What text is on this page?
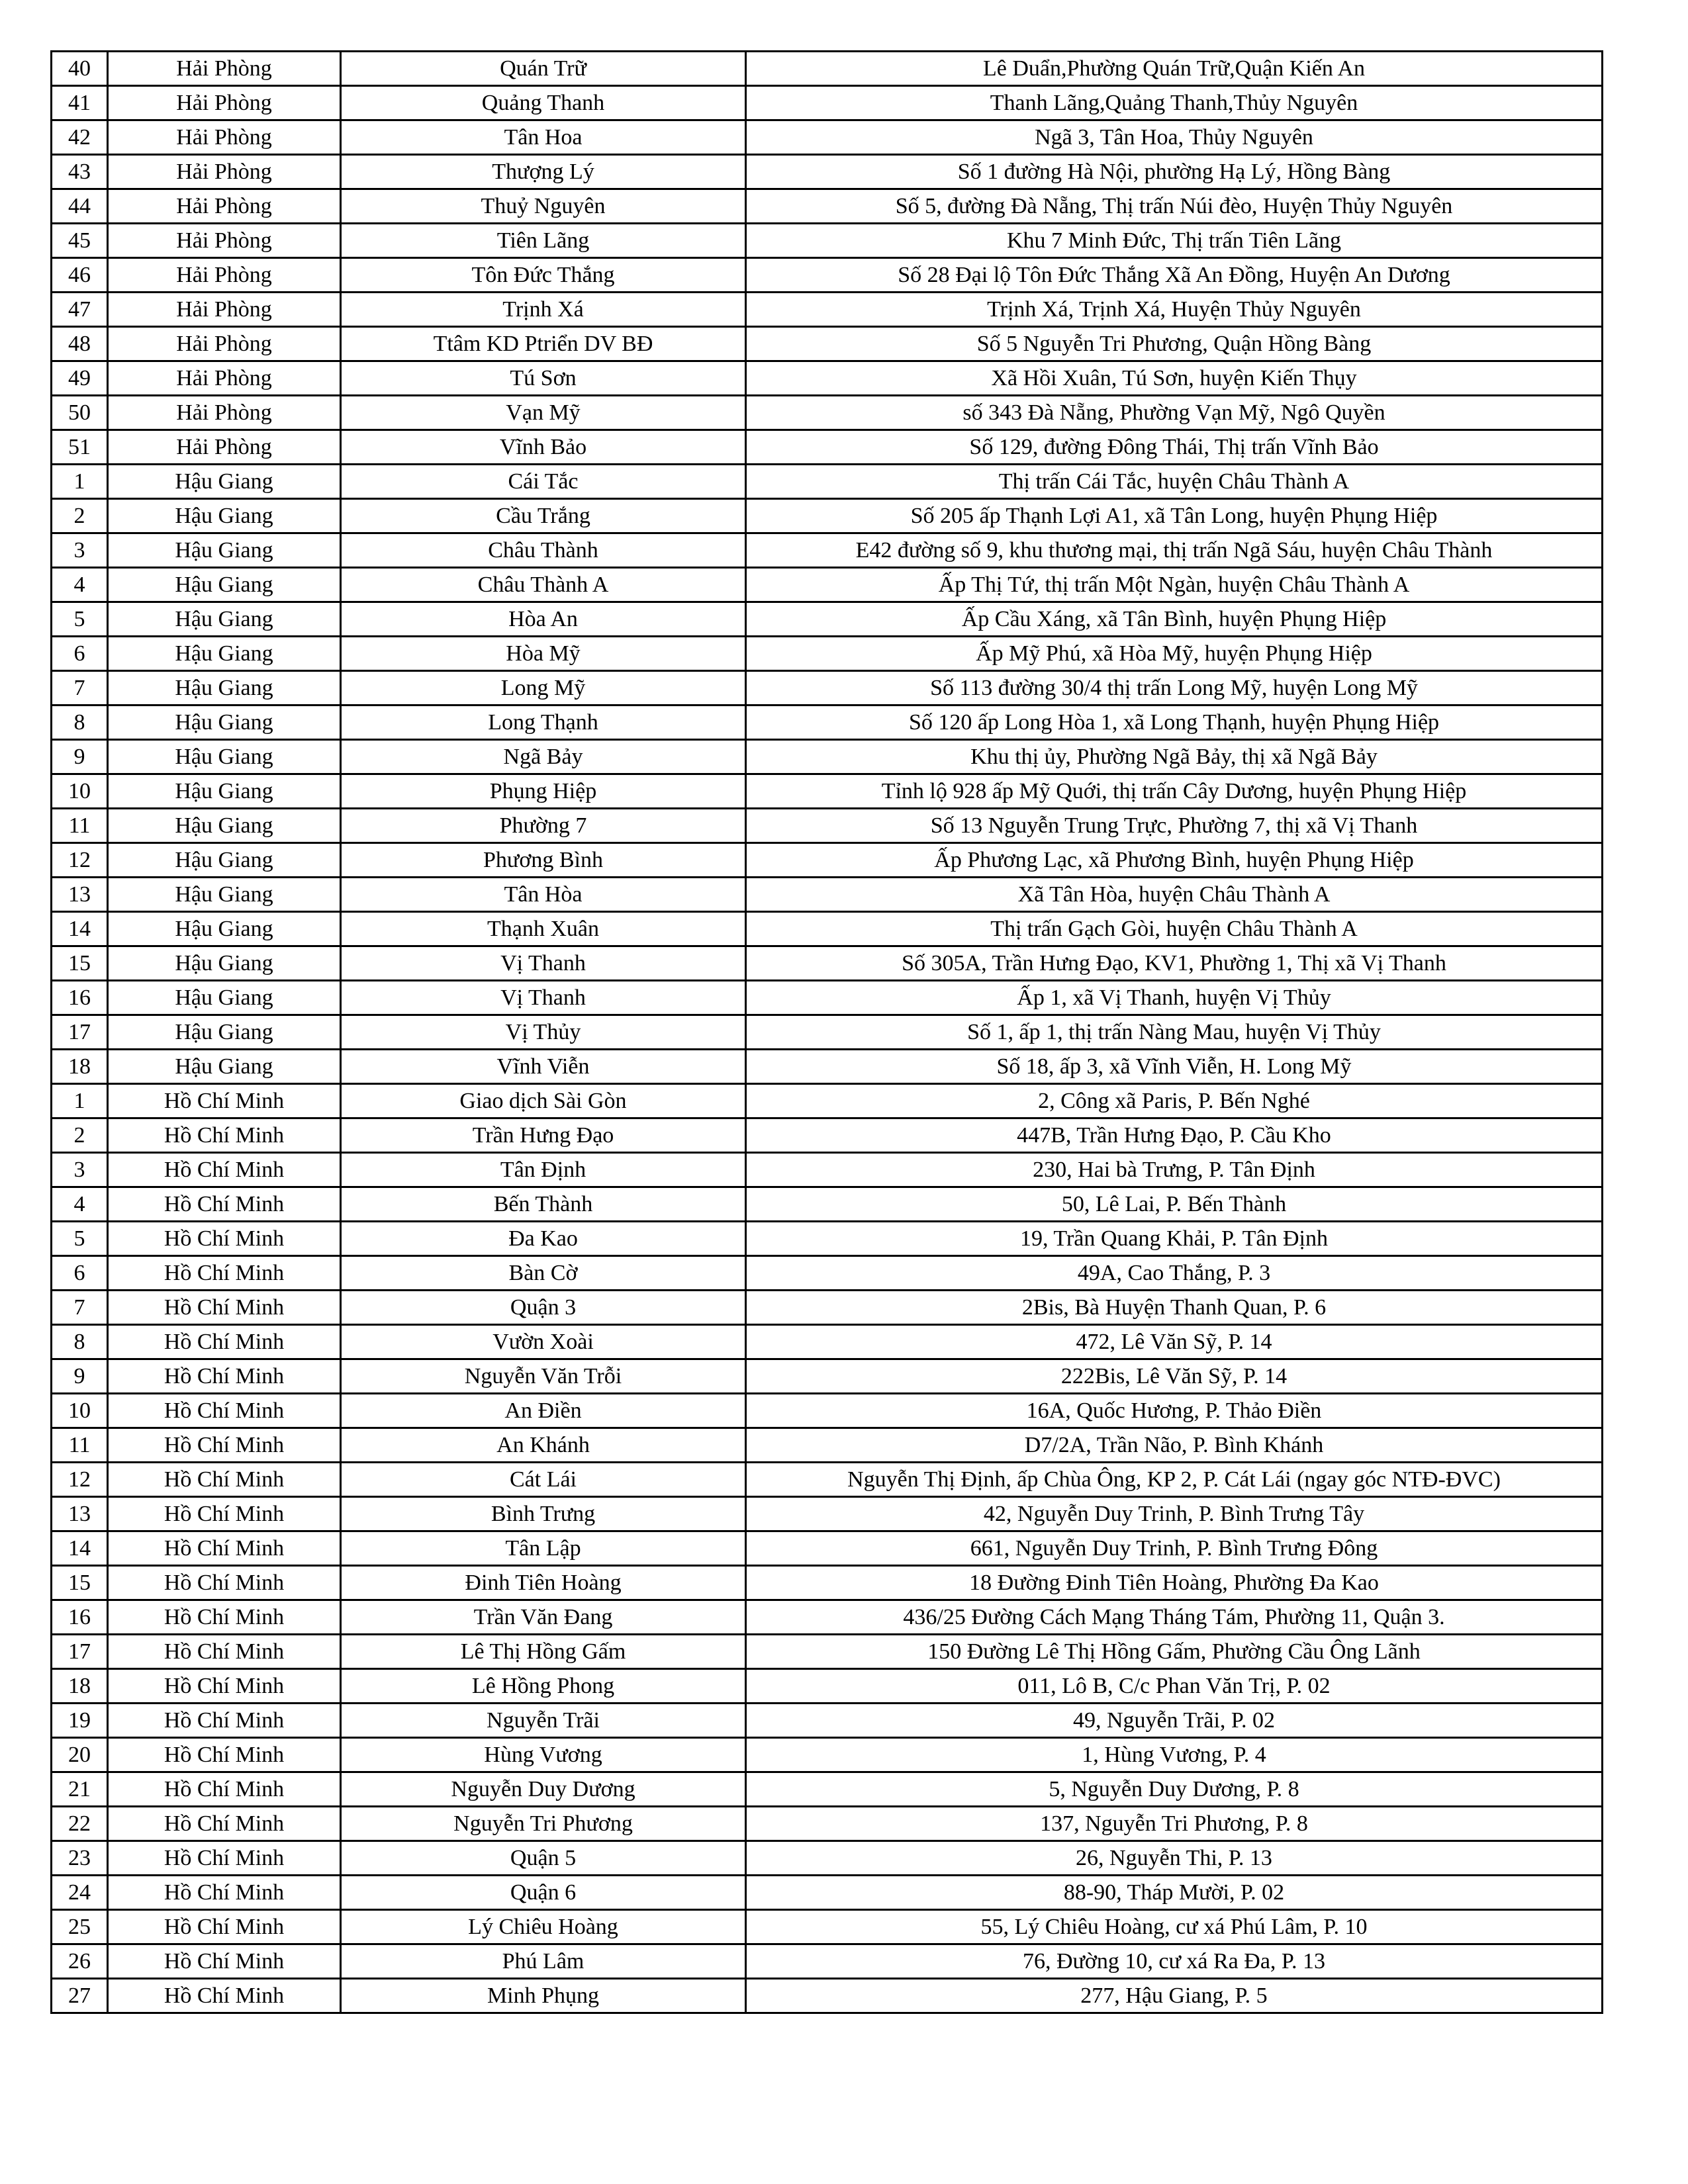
40	Hải Phòng	Quán Trữ	Lê Duẩn,Phường Quán Trữ,Quận Kiến An
41	Hải Phòng	Quảng Thanh	Thanh Lãng,Quảng Thanh,Thủy Nguyên
42	Hải Phòng	Tân Hoa	Ngã 3, Tân Hoa, Thủy Nguyên
43	Hải Phòng	Thượng Lý	Số 1 đường Hà Nội, phường Hạ Lý, Hồng Bàng
44	Hải Phòng	Thuỷ Nguyên	Số 5, đường Đà Nẵng, Thị trấn Núi đèo, Huyện Thủy Nguyên
45	Hải Phòng	Tiên Lãng	Khu 7 Minh Đức, Thị trấn Tiên Lãng
46	Hải Phòng	Tôn Đức Thắng	Số 28 Đại lộ Tôn Đức Thắng Xã An Đồng, Huyện An Dương
47	Hải Phòng	Trịnh Xá	Trịnh Xá, Trịnh Xá, Huyện Thủy Nguyên
48	Hải Phòng	Ttâm KD Ptriển DV BĐ	Số 5 Nguyễn Tri Phương, Quận Hồng Bàng
49	Hải Phòng	Tú Sơn	Xã Hồi Xuân, Tú Sơn, huyện Kiến Thụy
50	Hải Phòng	Vạn Mỹ	số 343 Đà Nẵng, Phường Vạn Mỹ, Ngô Quyền
51	Hải Phòng	Vĩnh Bảo	Số 129, đường Đông Thái, Thị trấn Vĩnh Bảo
1	Hậu Giang	Cái Tắc	Thị trấn Cái Tắc, huyện Châu Thành A
2	Hậu Giang	Cầu Trắng	Số 205 ấp Thạnh Lợi A1, xã Tân Long, huyện Phụng Hiệp
3	Hậu Giang	Châu Thành	E42 đường số 9, khu thương mại, thị trấn Ngã Sáu, huyện Châu Thành
4	Hậu Giang	Châu Thành A	Ấp Thị Tứ, thị trấn Một Ngàn, huyện Châu Thành A
5	Hậu Giang	Hòa An	Ấp Cầu Xáng, xã Tân Bình, huyện Phụng Hiệp
6	Hậu Giang	Hòa Mỹ	Ấp Mỹ Phú, xã Hòa Mỹ, huyện Phụng Hiệp
7	Hậu Giang	Long Mỹ	Số 113 đường 30/4 thị trấn Long Mỹ, huyện Long Mỹ
8	Hậu Giang	Long Thạnh	Số 120 ấp Long Hòa 1, xã Long Thạnh, huyện Phụng Hiệp
9	Hậu Giang	Ngã Bảy	Khu thị ủy, Phường Ngã Bảy, thị xã Ngã Bảy
10	Hậu Giang	Phụng Hiệp	Tỉnh lộ 928 ấp Mỹ Quới, thị trấn Cây Dương, huyện Phụng Hiệp
11	Hậu Giang	Phường 7	Số 13 Nguyễn Trung Trực, Phường 7, thị xã Vị Thanh
12	Hậu Giang	Phương Bình	Ấp Phương Lạc, xã Phương Bình, huyện Phụng Hiệp
13	Hậu Giang	Tân Hòa	Xã Tân Hòa, huyện Châu Thành A
14	Hậu Giang	Thạnh Xuân	Thị trấn Gạch Gòi, huyện Châu Thành A
15	Hậu Giang	Vị Thanh	Số 305A, Trần Hưng Đạo, KV1, Phường 1, Thị xã Vị Thanh
16	Hậu Giang	Vị Thanh	Ấp 1, xã Vị Thanh, huyện Vị Thủy
17	Hậu Giang	Vị Thủy	Số 1, ấp 1, thị trấn Nàng Mau, huyện Vị Thủy
18	Hậu Giang	Vĩnh Viễn	Số 18, ấp 3, xã Vĩnh Viễn, H. Long Mỹ
1	Hồ Chí Minh	Giao dịch Sài Gòn	2, Công xã Paris, P. Bến Nghé
2	Hồ Chí Minh	Trần Hưng Đạo	447B, Trần Hưng Đạo, P. Cầu Kho
3	Hồ Chí Minh	Tân Định	230, Hai bà Trưng, P. Tân Định
4	Hồ Chí Minh	Bến Thành	50, Lê Lai, P. Bến Thành
5	Hồ Chí Minh	Đa Kao	19, Trần Quang Khải, P. Tân Định
6	Hồ Chí Minh	Bàn Cờ	49A, Cao Thắng, P. 3
7	Hồ Chí Minh	Quận 3	2Bis, Bà Huyện Thanh Quan, P. 6
8	Hồ Chí Minh	Vườn Xoài	472, Lê Văn Sỹ, P. 14
9	Hồ Chí Minh	Nguyễn Văn Trỗi	222Bis, Lê Văn Sỹ, P. 14
10	Hồ Chí Minh	An Điền	16A, Quốc Hương, P. Thảo Điền
11	Hồ Chí Minh	An Khánh	D7/2A, Trần Não, P. Bình Khánh
12	Hồ Chí Minh	Cát Lái	Nguyễn Thị Định, ấp Chùa Ông, KP 2, P. Cát Lái (ngay góc NTĐ-ĐVC)
13	Hồ Chí Minh	Bình Trưng	42, Nguyễn Duy Trinh, P. Bình Trưng Tây
14	Hồ Chí Minh	Tân Lập	661, Nguyễn Duy Trinh, P. Bình Trưng Đông
15	Hồ Chí Minh	Đinh Tiên Hoàng	18 Đường Đinh Tiên Hoàng, Phường Đa Kao
16	Hồ Chí Minh	Trần Văn Đang	436/25 Đường Cách Mạng Tháng Tám, Phường 11, Quận 3.
17	Hồ Chí Minh	Lê Thị Hồng Gấm	150 Đường Lê Thị Hồng Gấm, Phường Cầu Ông Lãnh
18	Hồ Chí Minh	Lê Hồng Phong	011, Lô B, C/c Phan Văn Trị, P. 02
19	Hồ Chí Minh	Nguyễn Trãi	49, Nguyễn Trãi, P. 02
20	Hồ Chí Minh	Hùng Vương	1, Hùng Vương, P. 4
21	Hồ Chí Minh	Nguyễn Duy Dương	5, Nguyễn Duy Dương, P. 8
22	Hồ Chí Minh	Nguyễn Tri Phương	137, Nguyễn Tri Phương, P. 8
23	Hồ Chí Minh	Quận 5	26, Nguyễn Thi, P. 13
24	Hồ Chí Minh	Quận 6	88-90, Tháp Mười, P. 02
25	Hồ Chí Minh	Lý Chiêu Hoàng	55, Lý Chiêu Hoàng, cư xá Phú Lâm, P. 10
26	Hồ Chí Minh	Phú Lâm	76, Đường 10, cư xá Ra Đa, P. 13
27	Hồ Chí Minh	Minh Phụng	277, Hậu Giang, P. 5
